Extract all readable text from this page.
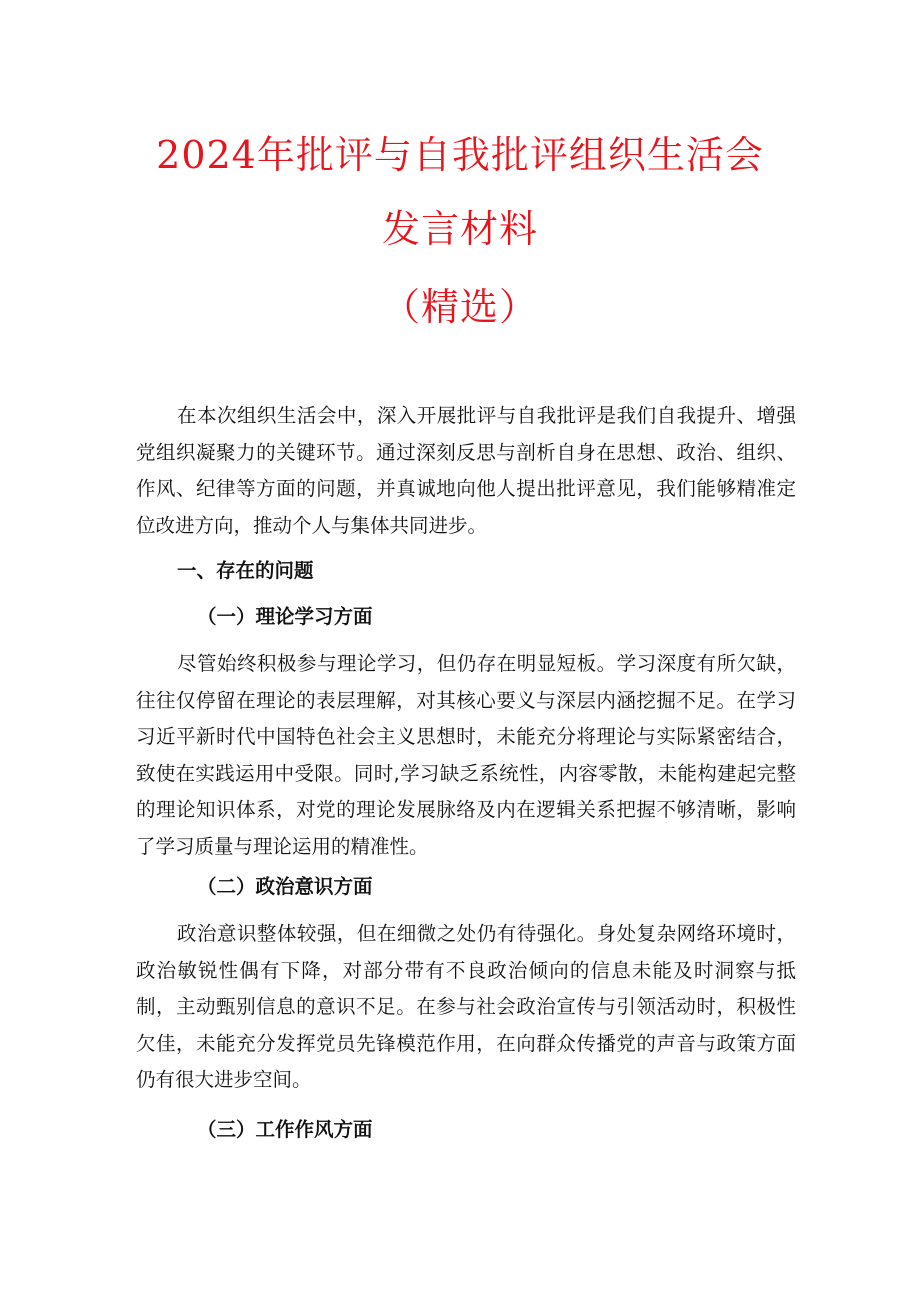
2024年批评与自我批评组织生活会
发言材料
（精选）

在本次组织生活会中，深入开展批评与自我批评是我们自我提升、增强党组织凝聚力的关键环节。通过深刻反思与剖析自身在思想、政治、组织、作风、纪律等方面的问题，并真诚地向他人提出批评意见，我们能够精准定位改进方向，推动个人与集体共同进步。

一、存在的问题
（一）理论学习方面

尽管始终积极参与理论学习，但仍存在明显短板。学习深度有所欠缺，往往仅停留在理论的表层理解，对其核心要义与深层内涵挖掘不足。在学习习近平新时代中国特色社会主义思想时，未能充分将理论与实际紧密结合，致使在实践运用中受限。同时,学习缺乏系统性，内容零散，未能构建起完整的理论知识体系，对党的理论发展脉络及内在逻辑关系把握不够清晰，影响了学习质量与理论运用的精准性。

（二）政治意识方面

政治意识整体较强，但在细微之处仍有待强化。身处复杂网络环境时，政治敏锐性偶有下降，对部分带有不良政治倾向的信息未能及时洞察与抵制，主动甄别信息的意识不足。在参与社会政治宣传与引领活动时，积极性欠佳，未能充分发挥党员先锋模范作用，在向群众传播党的声音与政策方面仍有很大进步空间。

（三）工作作风方面
